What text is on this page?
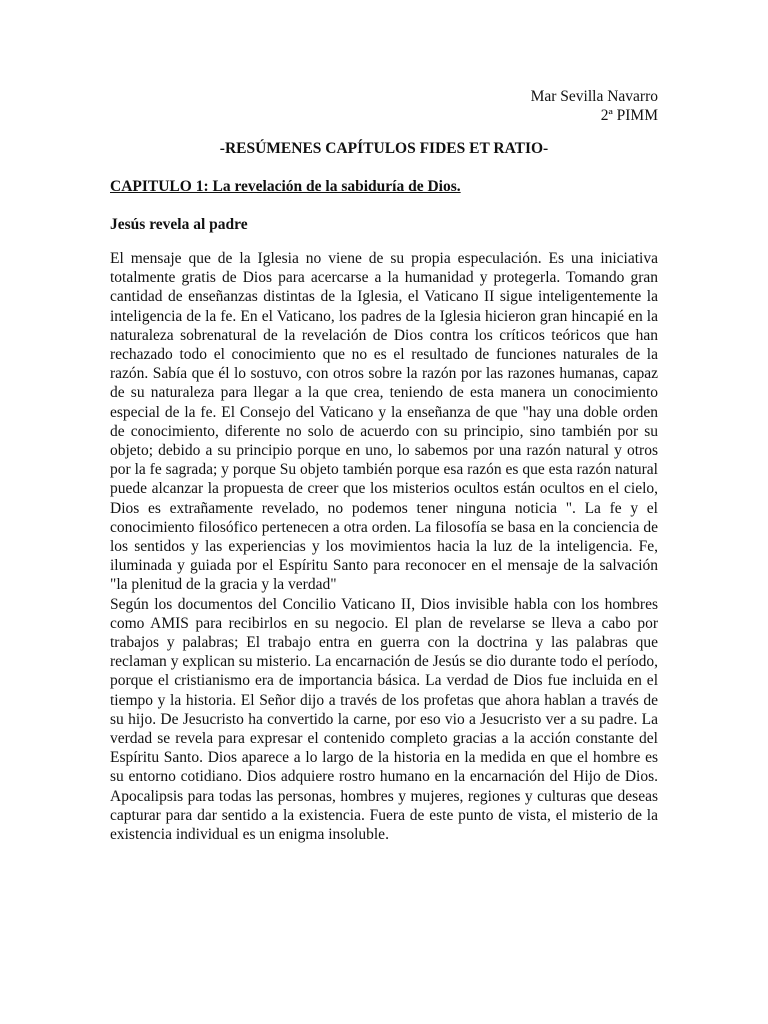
Mar Sevilla Navarro
2ª PIMM
-RESÚMENES CAPÍTULOS FIDES ET RATIO-
CAPITULO 1: La revelación de la sabiduría de Dios.
Jesús revela al padre

El mensaje que de la Iglesia no viene de su propia especulación. Es una iniciativa totalmente gratis de Dios para acercarse a la humanidad y protegerla. Tomando gran cantidad de enseñanzas distintas de la Iglesia, el Vaticano II sigue inteligentemente la inteligencia de la fe. En el Vaticano, los padres de la Iglesia hicieron gran hincapié en la naturaleza sobrenatural de la revelación de Dios contra los críticos teóricos que han rechazado todo el conocimiento que no es el resultado de funciones naturales de la razón. Sabía que él lo sostuvo, con otros sobre la razón por las razones humanas, capaz de su naturaleza para llegar a la que crea, teniendo de esta manera un conocimiento especial de la fe. El Consejo del Vaticano y la enseñanza de que "hay una doble orden de conocimiento, diferente no solo de acuerdo con su principio, sino también por su objeto; debido a su principio porque en uno, lo sabemos por una razón natural y otros por la fe sagrada; y porque Su objeto también porque esa razón es que esta razón natural puede alcanzar la propuesta de creer que los misterios ocultos están ocultos en el cielo, Dios es extrañamente revelado, no podemos tener ninguna noticia ". La fe y el conocimiento filosófico pertenecen a otra orden. La filosofía se basa en la conciencia de los sentidos y las experiencias y los movimientos hacia la luz de la inteligencia. Fe, iluminada y guiada por el Espíritu Santo para reconocer en el mensaje de la salvación "la plenitud de la gracia y la verdad"

Según los documentos del Concilio Vaticano II, Dios invisible habla con los hombres como AMIS para recibirlos en su negocio. El plan de revelarse se lleva a cabo por trabajos y palabras; El trabajo entra en guerra con la doctrina y las palabras que reclaman y explican su misterio. La encarnación de Jesús se dio durante todo el período, porque el cristianismo era de importancia básica. La verdad de Dios fue incluida en el tiempo y la historia. El Señor dijo a través de los profetas que ahora hablan a través de su hijo. De Jesucristo ha convertido la carne, por eso vio a Jesucristo ver a su padre. La verdad se revela para expresar el contenido completo gracias a la acción constante del Espíritu Santo. Dios aparece a lo largo de la historia en la medida en que el hombre es su entorno cotidiano. Dios adquiere rostro humano en la encarnación del Hijo de Dios. Apocalipsis para todas las personas, hombres y mujeres, regiones y culturas que deseas capturar para dar sentido a la existencia. Fuera de este punto de vista, el misterio de la existencia individual es un enigma insoluble.
